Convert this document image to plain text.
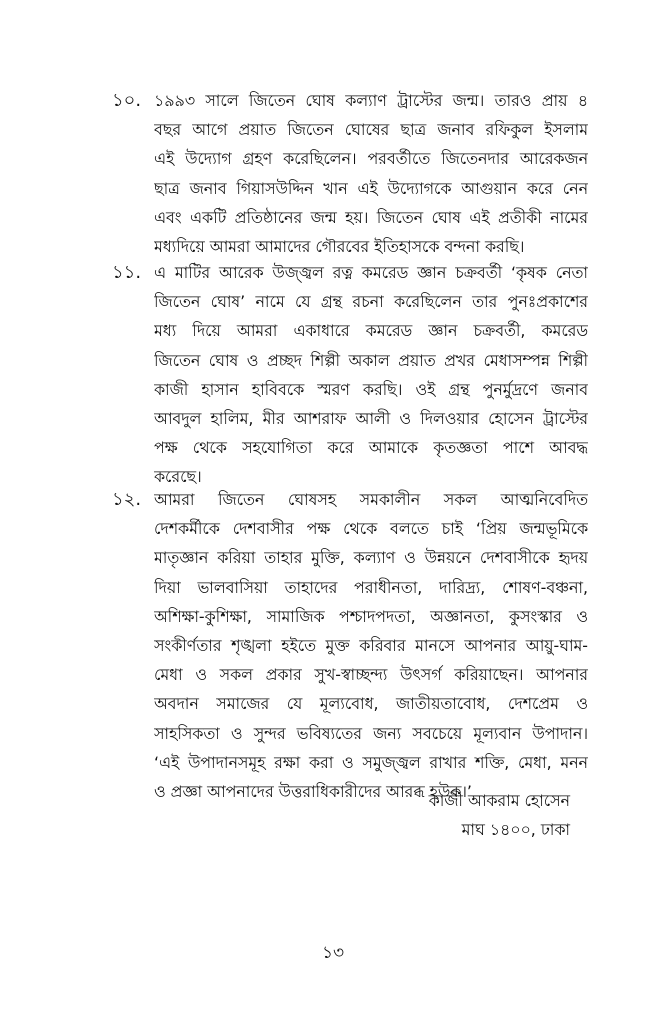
১০. ১৯৯৩ সালে জিতেন ঘোষ কল্যাণ ট্রাস্টের জন্ম। তারও প্রায় ৪
বছর আগে প্রয়াত জিতেন ঘোষের ছাত্র জনাব রফিকুল ইসলাম
এই উদ্যোগ গ্রহণ করেছিলেন। পরবর্তীতে জিতেনদার আরেকজন
ছাত্র জনাব গিয়াসউদ্দিন খান এই উদ্যোগকে আগুয়ান করে নেন
এবং একটি প্রতিষ্ঠানের জন্ম হয়। জিতেন ঘোষ এই প্রতীকী নামের
মধ্যদিয়ে আমরা আমাদের গৌরবের ইতিহাসকে বন্দনা করছি।
১১. এ মাটির আরেক উজ্জ্বল রত্ন কমরেড জ্ঞান চক্রবর্তী ‘কৃষক নেতা
জিতেন ঘোষ’ নামে যে গ্রন্থ রচনা করেছিলেন তার পুনঃপ্রকাশের
মধ্য দিয়ে আমরা একাধারে কমরেড জ্ঞান চক্রবর্তী, কমরেড
জিতেন ঘোষ ও প্রচ্ছদ শিল্পী অকাল প্রয়াত প্রখর মেধাসম্পন্ন শিল্পী
কাজী হাসান হাবিবকে স্মরণ করছি। ওই গ্রন্থ পুনর্মুদ্রণে জনাব
আবদুল হালিম, মীর আশরাফ আলী ও দিলওয়ার হোসেন ট্রাস্টের
পক্ষ থেকে সহযোগিতা করে আমাকে কৃতজ্ঞতা পাশে আবদ্ধ
করেছে।
১২. আমরা জিতেন ঘোষসহ সমকালীন সকল আত্মনিবেদিত
দেশকর্মীকে দেশবাসীর পক্ষ থেকে বলতে চাই ‘প্রিয় জন্মভূমিকে
মাতৃজ্ঞান করিয়া তাহার মুক্তি, কল্যাণ ও উন্নয়নে দেশবাসীকে হৃদয়
দিয়া ভালবাসিয়া তাহাদের পরাধীনতা, দারিদ্র্য, শোষণ-বঞ্চনা,
অশিক্ষা-কুশিক্ষা, সামাজিক পশ্চাদপদতা, অজ্ঞানতা, কুসংস্কার ও
সংকীর্ণতার শৃঙ্খলা হইতে মুক্ত করিবার মানসে আপনার আয়ু-ঘাম-
মেধা ও সকল প্রকার সুখ-স্বাচ্ছন্দ্য উৎসর্গ করিয়াছেন। আপনার
অবদান সমাজের যে মূল্যবোধ, জাতীয়তাবোধ, দেশপ্রেম ও
সাহসিকতা ও সুন্দর ভবিষ্যতের জন্য সবচেয়ে মূল্যবান উপাদান।
‘এই উপাদানসমূহ রক্ষা করা ও সমুজ্জ্বল রাখার শক্তি, মেধা, মনন
ও প্রজ্ঞা আপনাদের উত্তরাধিকারীদের আরব্ধ হউক।’
কাজী আকরাম হোসেন
মাঘ ১৪০০, ঢাকা
১৩
